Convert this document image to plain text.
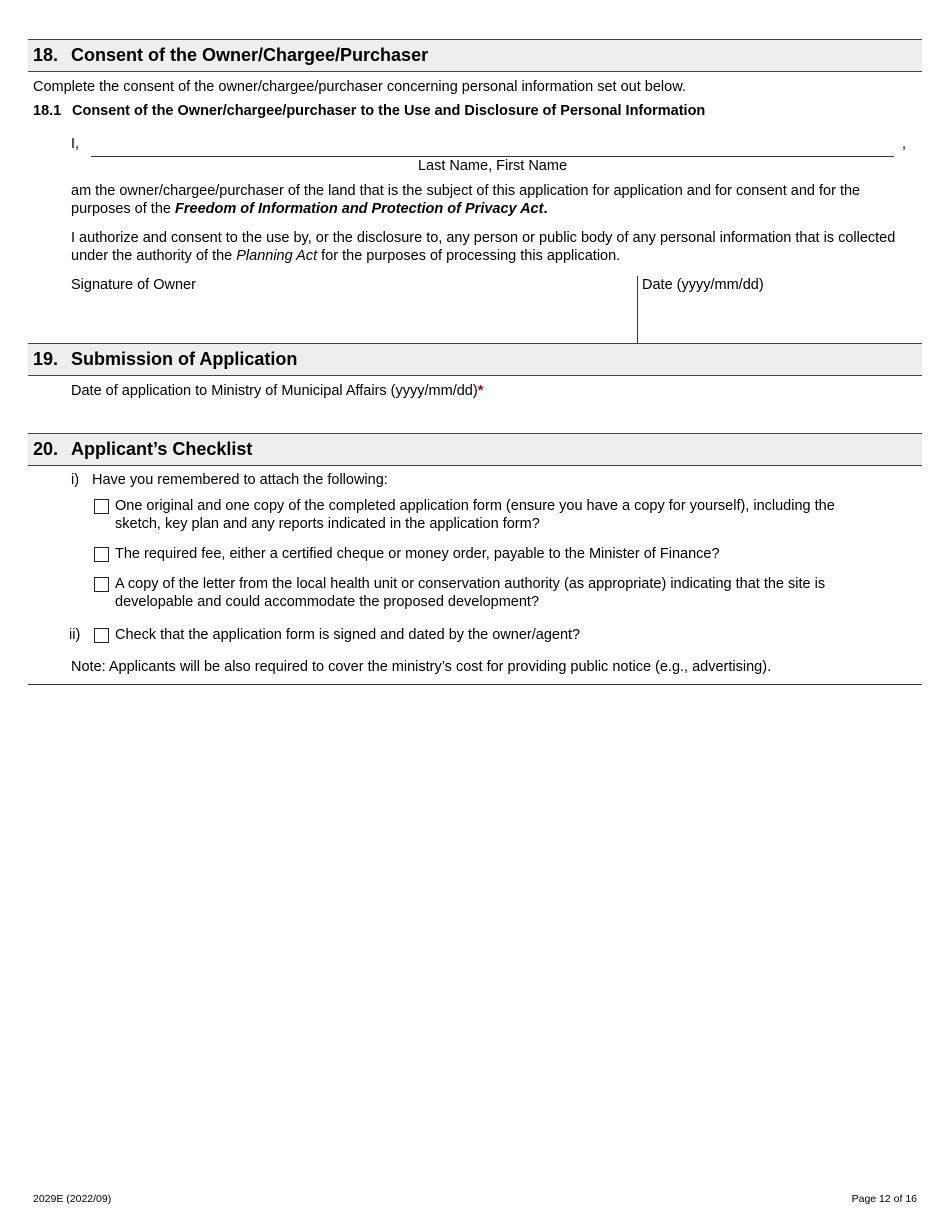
18. Consent of the Owner/Chargee/Purchaser
Complete the consent of the owner/chargee/purchaser concerning personal information set out below.
18.1 Consent of the Owner/chargee/purchaser to the Use and Disclosure of Personal Information
I,	,
Last Name, First Name
am the owner/chargee/purchaser of the land that is the subject of this application for application and for consent and for the purposes of the Freedom of Information and Protection of Privacy Act.
I authorize and consent to the use by, or the disclosure to, any person or public body of any personal information that is collected under the authority of the Planning Act for the purposes of processing this application.
Signature of Owner	Date (yyyy/mm/dd)
19. Submission of Application
Date of application to Ministry of Municipal Affairs (yyyy/mm/dd)*
20. Applicant’s Checklist
i) Have you remembered to attach the following:
One original and one copy of the completed application form (ensure you have a copy for yourself), including the
sketch, key plan and any reports indicated in the application form?
The required fee, either a certified cheque or money order, payable to the Minister of Finance?
A copy of the letter from the local health unit or conservation authority (as appropriate) indicating that the site is
developable and could accommodate the proposed development?
ii) Check that the application form is signed and dated by the owner/agent?
Note: Applicants will be also required to cover the ministry’s cost for providing public notice (e.g., advertising).
2029E (2022/09)	Page 12 of 16
